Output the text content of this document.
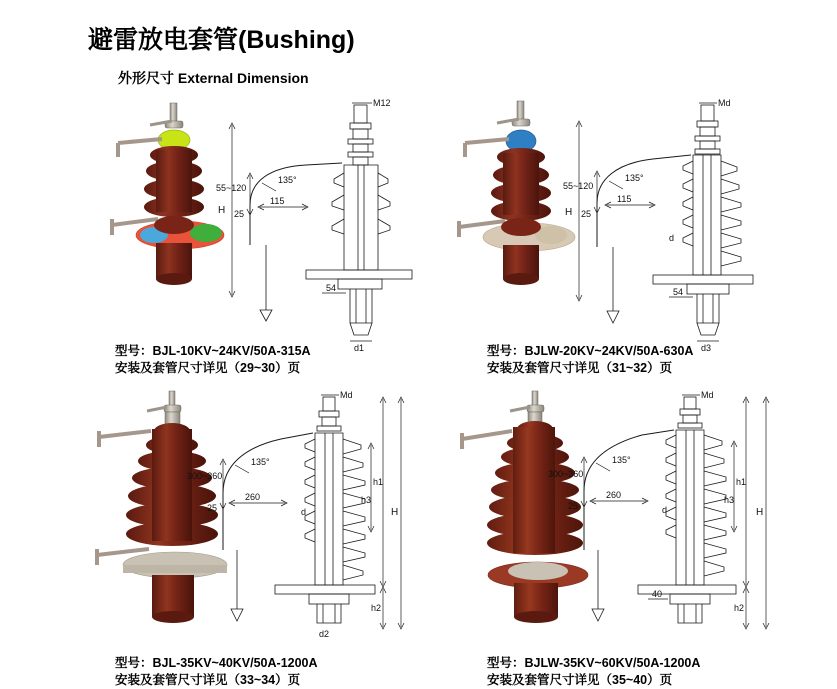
避雷放电套管(Bushing)
外形尺寸 External Dimension
M12
135°
H
55~120
25
115
54
d1
型号：BJL-10KV~24KV/50A-315A
安装及套管尺寸详见（29~30）页
Md
135°
H
55~120
25
115
d
54
d3
型号：BJLW-20KV~24KV/50A-630A
安装及套管尺寸详见（31~32）页
Md
135°
300~360
25
260
d
h1
h3
h2
H
d2
型号：BJL-35KV~40KV/50A-1200A
安装及套管尺寸详见（33~34）页
Md
135°
300~360
25
260
d
h1
h3
h2
H
40
型号：BJLW-35KV~60KV/50A-1200A
安装及套管尺寸详见（35~40）页
